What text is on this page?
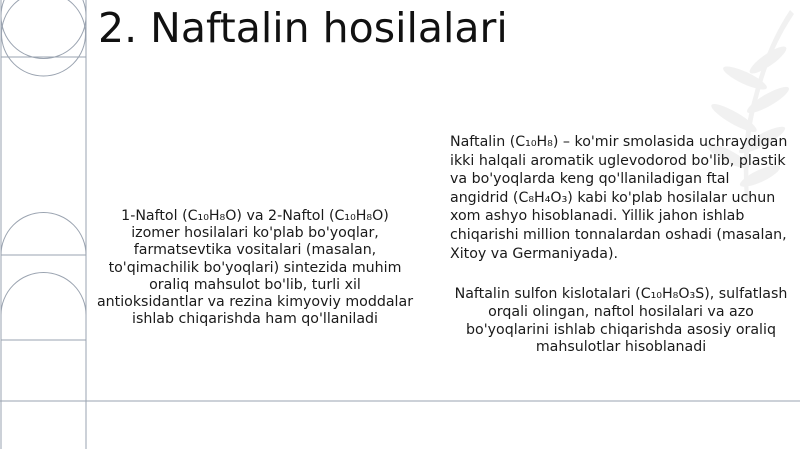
2. Naftalin hosilalari

1-Naftol (C₁₀H₈O) va 2-Naftol (C₁₀H₈O) izomer hosilalari ko'plab bo'yoqlar, farmatsevtika vositalari (masalan, to'qimachilik bo'yoqlari) sintezida muhim oraliq mahsulot bo'lib, turli xil antioksidantlar va rezina kimyoviy moddalar ishlab chiqarishda ham qo'llaniladi

Naftalin (C₁₀H₈) – ko'mir smolasida uchraydigan ikki halqali aromatik uglevodorod bo'lib, plastik va bo'yoqlarda keng qo'llaniladigan ftal angidrid (C₈H₄O₃) kabi ko'plab hosilalar uchun xom ashyo hisoblanadi. Yillik jahon ishlab chiqarishi million tonnalardan oshadi (masalan, Xitoy va Germaniyada).

Naftalin sulfon kislotalari (C₁₀H₈O₃S), sulfatlash orqali olingan, naftol hosilalari va azo bo'yoqlarini ishlab chiqarishda asosiy oraliq mahsulotlar hisoblanadi
